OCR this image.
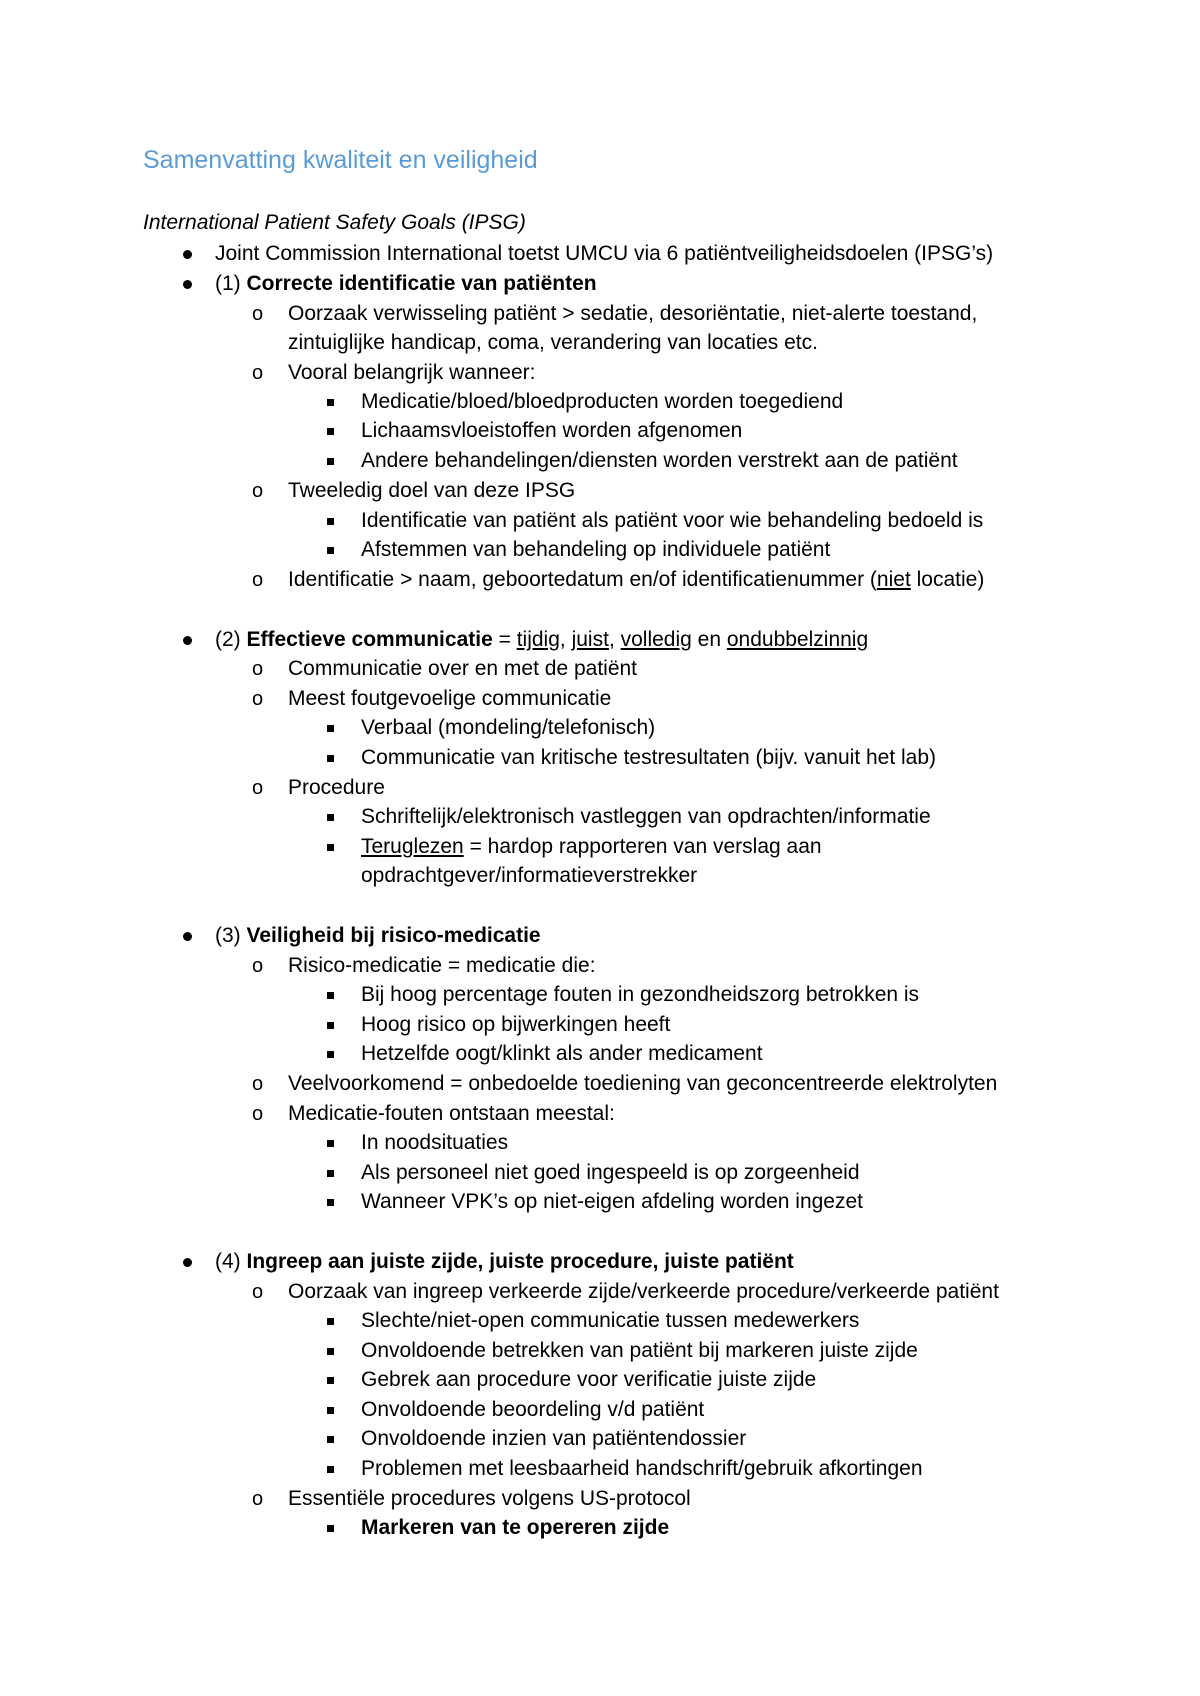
Samenvatting kwaliteit en veiligheid
International Patient Safety Goals (IPSG)
Joint Commission International toetst UMCU via 6 patiëntveiligheidsdoelen (IPSG’s)
(1) Correcte identificatie van patiënten
o Oorzaak verwisseling patiënt > sedatie, desoriëntatie, niet-alerte toestand,
zintuiglijke handicap, coma, verandering van locaties etc.
o Vooral belangrijk wanneer:
Medicatie/bloed/bloedproducten worden toegediend
Lichaamsvloeistoffen worden afgenomen
Andere behandelingen/diensten worden verstrekt aan de patiënt
o Tweeledig doel van deze IPSG
Identificatie van patiënt als patiënt voor wie behandeling bedoeld is
Afstemmen van behandeling op individuele patiënt
o Identificatie > naam, geboortedatum en/of identificatienummer (niet locatie)
(2) Effectieve communicatie = tijdig, juist, volledig en ondubbelzinnig
o Communicatie over en met de patiënt
o Meest foutgevoelige communicatie
Verbaal (mondeling/telefonisch)
Communicatie van kritische testresultaten (bijv. vanuit het lab)
o Procedure
Schriftelijk/elektronisch vastleggen van opdrachten/informatie
Teruglezen = hardop rapporteren van verslag aan
opdrachtgever/informatieverstrekker
(3) Veiligheid bij risico-medicatie
o Risico-medicatie = medicatie die:
Bij hoog percentage fouten in gezondheidszorg betrokken is
Hoog risico op bijwerkingen heeft
Hetzelfde oogt/klinkt als ander medicament
o Veelvoorkomend = onbedoelde toediening van geconcentreerde elektrolyten
o Medicatie-fouten ontstaan meestal:
In noodsituaties
Als personeel niet goed ingespeeld is op zorgeenheid
Wanneer VPK’s op niet-eigen afdeling worden ingezet
(4) Ingreep aan juiste zijde, juiste procedure, juiste patiënt
o Oorzaak van ingreep verkeerde zijde/verkeerde procedure/verkeerde patiënt
Slechte/niet-open communicatie tussen medewerkers
Onvoldoende betrekken van patiënt bij markeren juiste zijde
Gebrek aan procedure voor verificatie juiste zijde
Onvoldoende beoordeling v/d patiënt
Onvoldoende inzien van patiëntendossier
Problemen met leesbaarheid handschrift/gebruik afkortingen
o Essentiële procedures volgens US-protocol
Markeren van te opereren zijde
